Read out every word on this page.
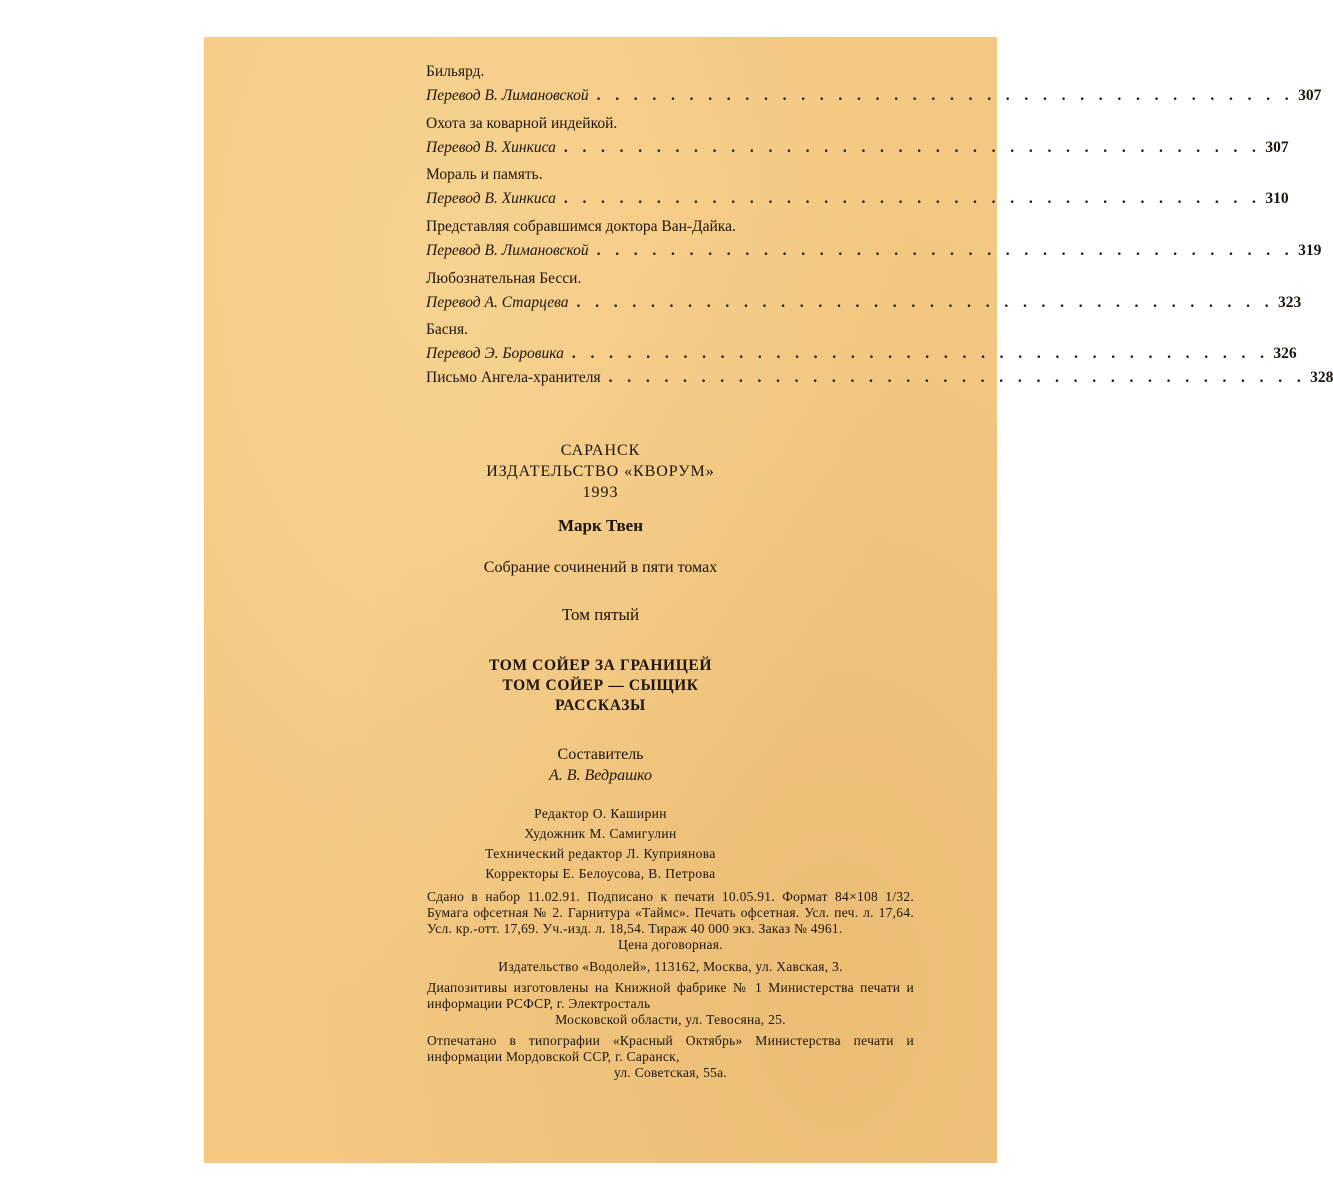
Бильярд.
Перевод В. Лимановской . . . . . . . . . . . . . . . . . . . . . . . . . . . . . . . . . . . . . . 307
Охота за коварной индейкой.
Перевод В. Хинкиса . . . . . . . . . . . . . . . . . . . . . . . . . . . . . . . . . . . . . . 307
Мораль и память.
Перевод В. Хинкиса . . . . . . . . . . . . . . . . . . . . . . . . . . . . . . . . . . . . . . 310
Представляя собравшимся доктора Ван-Дайка.
Перевод В. Лимановской . . . . . . . . . . . . . . . . . . . . . . . . . . . . . . . . . . . . . . 319
Любознательная Бесси.
Перевод А. Старцева . . . . . . . . . . . . . . . . . . . . . . . . . . . . . . . . . . . . . . 323
Басня.
Перевод Э. Боровика . . . . . . . . . . . . . . . . . . . . . . . . . . . . . . . . . . . . . . 326
Письмо Ангела-хранителя . . . . . . . . . . . . . . . . . . . . . . . . . . . . . . . . . . . . . . 328
САРАНСК
ИЗДАТЕЛЬСТВО «КВОРУМ»
1993
Марк Твен
Собрание сочинений в пяти томах
Том пятый
ТОМ СОЙЕР ЗА ГРАНИЦЕЙ
ТОМ СОЙЕР — СЫЩИК
РАССКАЗЫ
Составитель
А. В. Ведрашко
Редактор О. Каширин
Художник М. Самигулин
Технический редактор Л. Куприянова
Корректоры Е. Белоусова, В. Петрова
Сдано в набор 11.02.91. Подписано к печати 10.05.91. Формат 84×108 1/32. Бумага офсетная № 2. Гарнитура «Таймс». Печать офсетная. Усл. печ. л. 17,64. Усл. кр.-отт. 17,69. Уч.-изд. л. 18,54. Тираж 40 000 экз. Заказ № 4961.
Цена договорная.
Издательство «Водолей», 113162, Москва, ул. Хавская, 3.
Диапозитивы изготовлены на Книжной фабрике № 1 Министерства печати и информации РСФСР, г. Электросталь
Московской области, ул. Тевосяна, 25.
Отпечатано в типографии «Красный Октябрь» Министерства печати и информации Мордовской ССР, г. Саранск,
ул. Советская, 55а.
